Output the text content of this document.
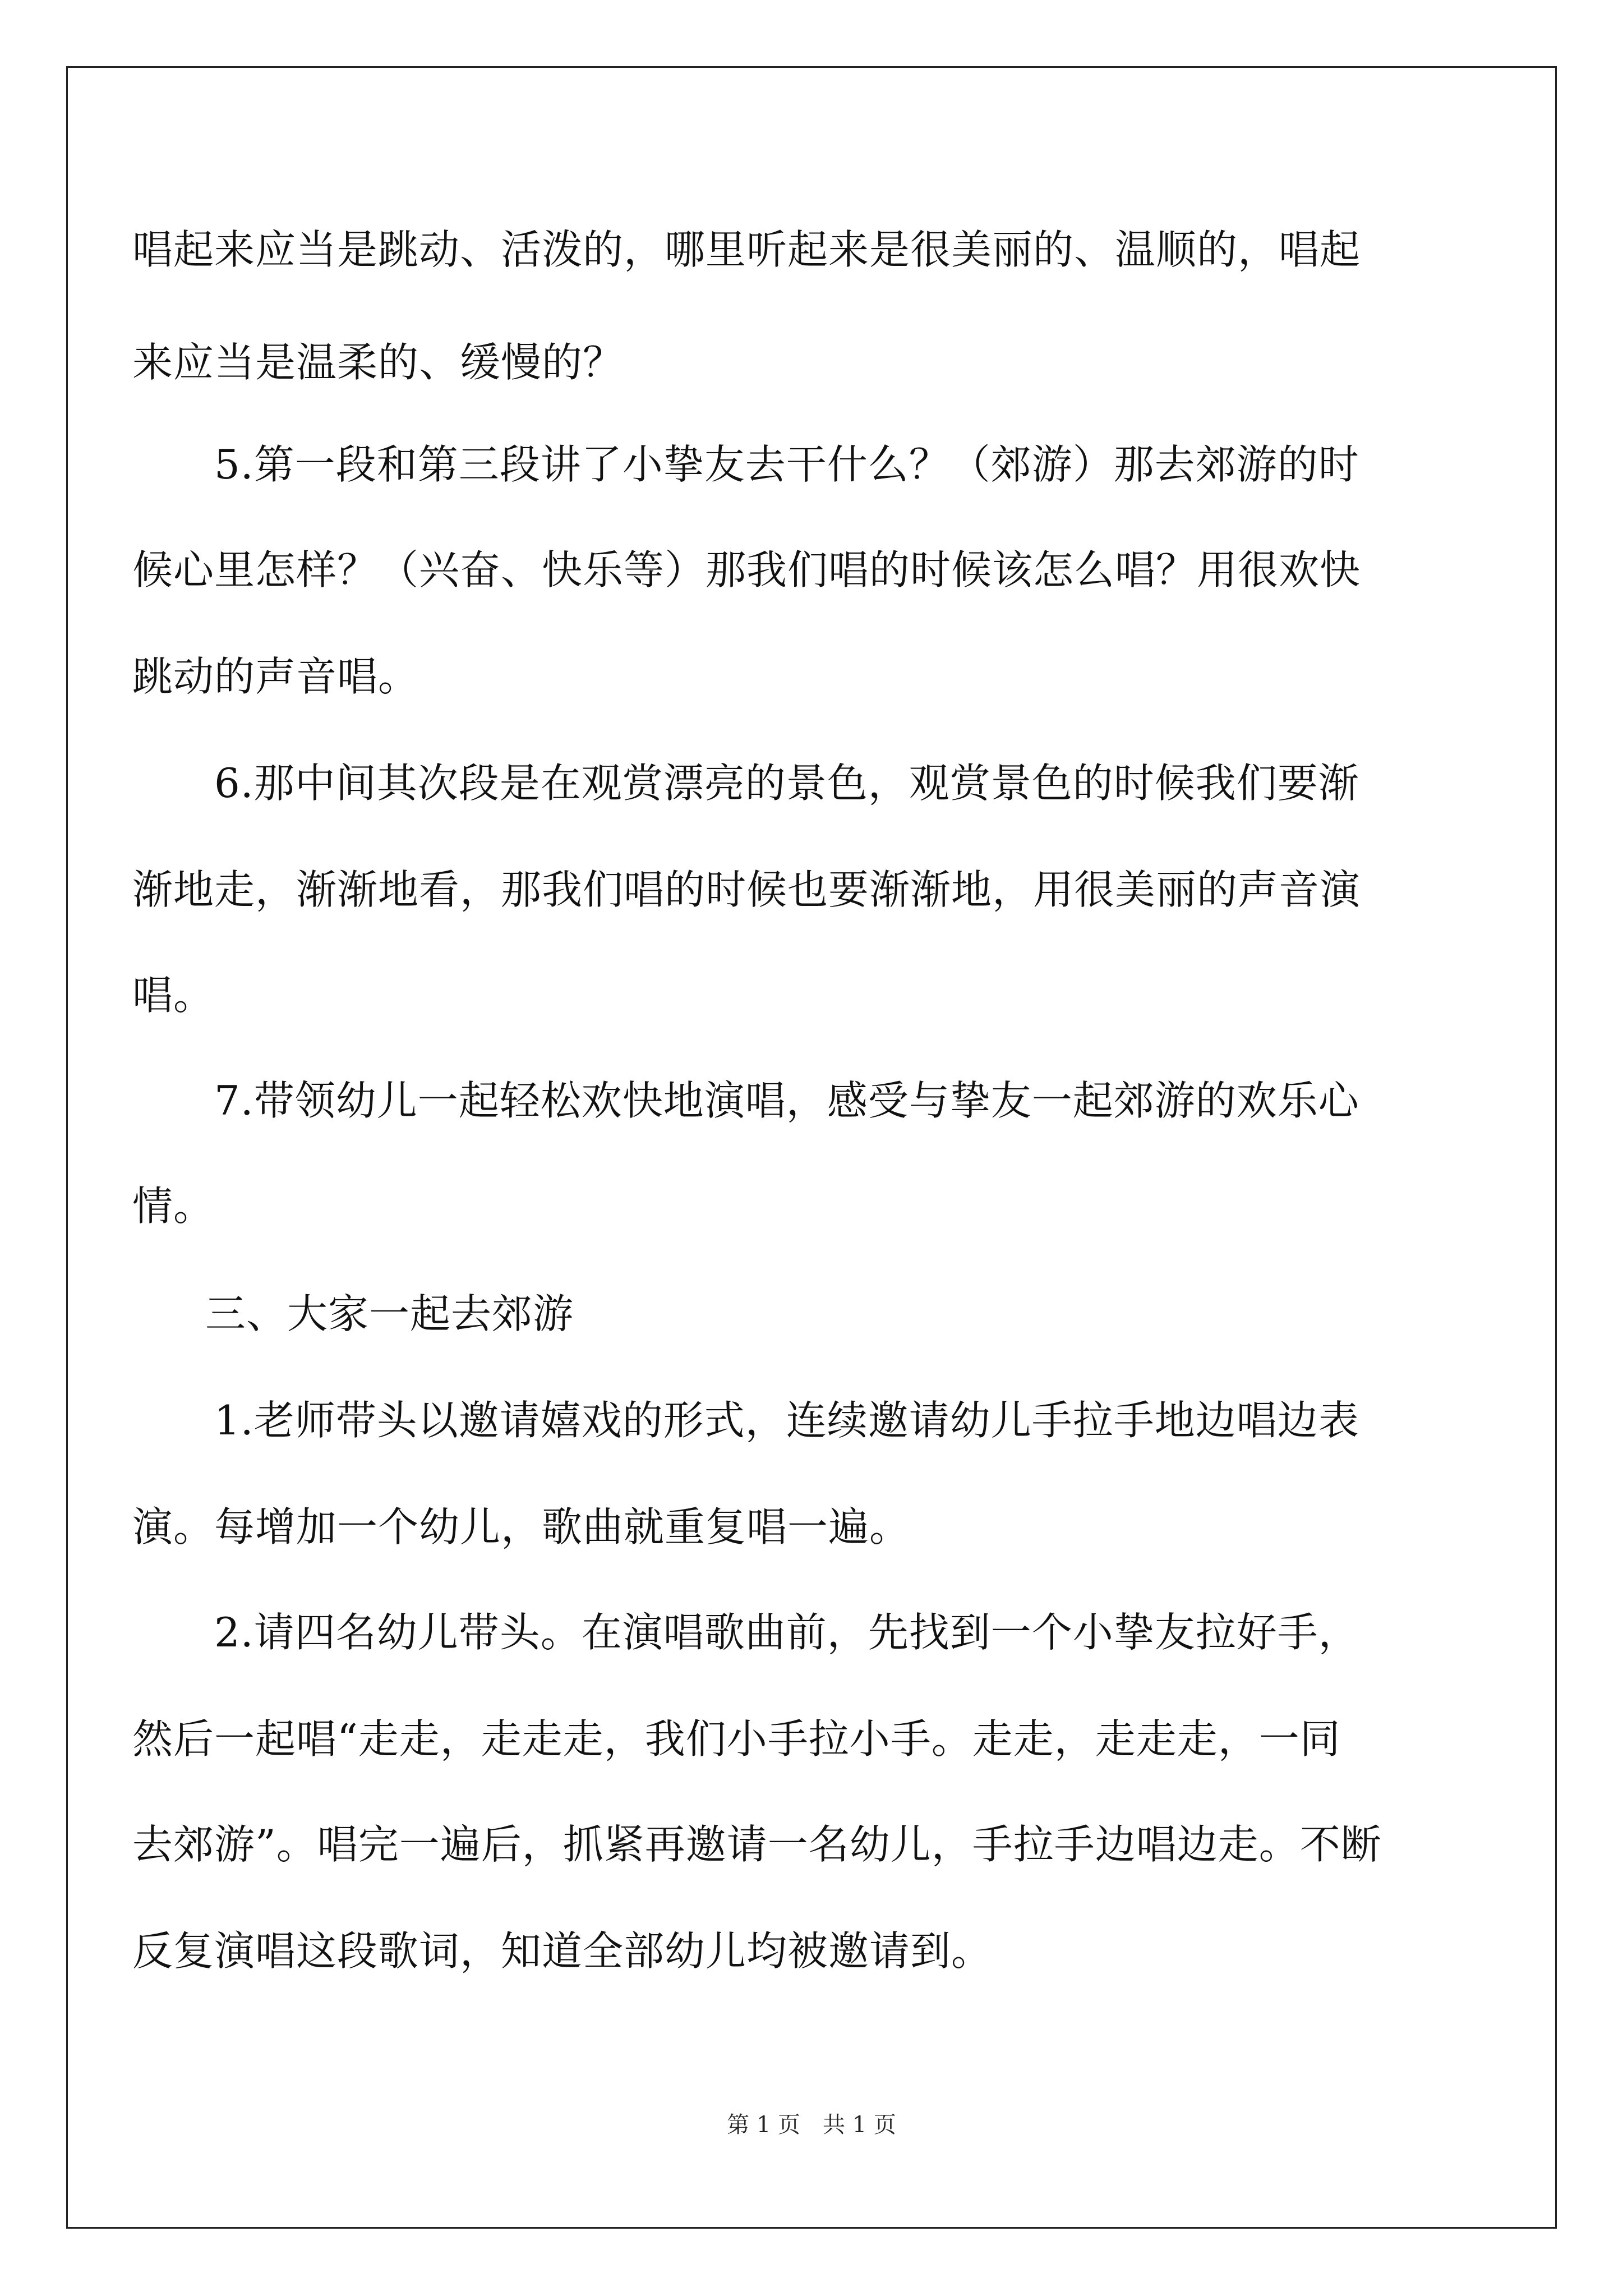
唱起来应当是跳动、活泼的，哪里听起来是很美丽的、温顺的，唱起

来应当是温柔的、缓慢的？

5.第一段和第三段讲了小挚友去干什么？（郊游）那去郊游的时

候心里怎样？（兴奋、快乐等）那我们唱的时候该怎么唱？用很欢快

跳动的声音唱。

6.那中间其次段是在观赏漂亮的景色，观赏景色的时候我们要渐

渐地走，渐渐地看，那我们唱的时候也要渐渐地，用很美丽的声音演

唱。

7.带领幼儿一起轻松欢快地演唱，感受与挚友一起郊游的欢乐心

情。

三、大家一起去郊游

1.老师带头以邀请嬉戏的形式，连续邀请幼儿手拉手地边唱边表

演。每增加一个幼儿，歌曲就重复唱一遍。

2.请四名幼儿带头。在演唱歌曲前，先找到一个小挚友拉好手，

然后一起唱“走走，走走走，我们小手拉小手。走走，走走走，一同

去郊游”。唱完一遍后，抓紧再邀请一名幼儿，手拉手边唱边走。不断

反复演唱这段歌词，知道全部幼儿均被邀请到。

第 1 页　共 1 页
